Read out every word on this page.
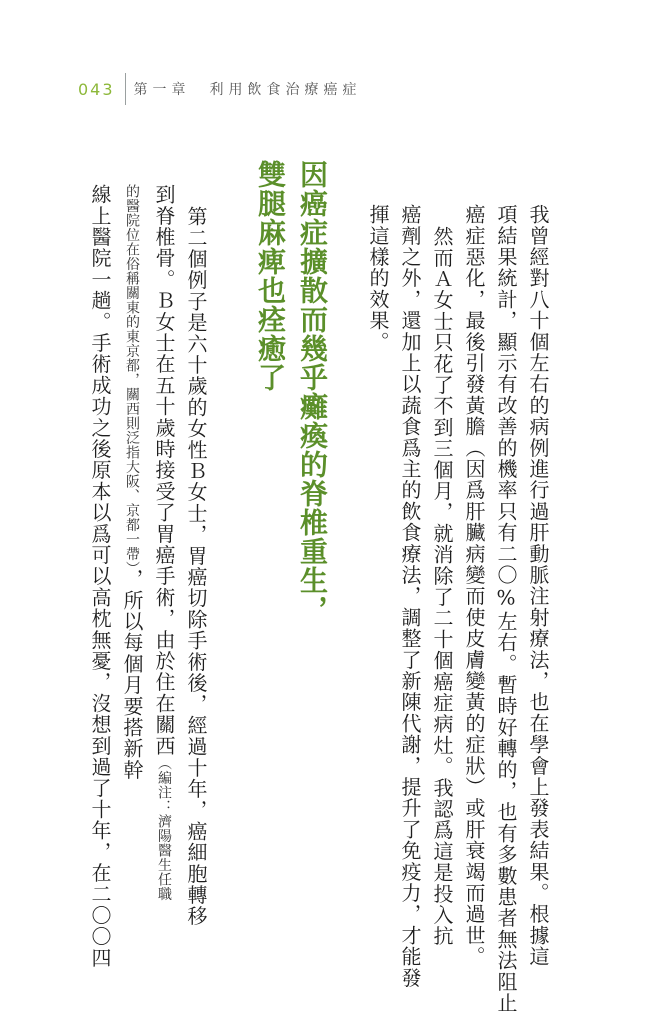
043 第一章　利用飲食治療癌症
我曾經對八十個左右的病例進行過肝動脈注射療法，也在學會上發表結果。根據這
項結果統計，顯示有改善的機率只有二〇%左右。暫時好轉的，也有多數患者無法阻止
癌症惡化，最後引發黃膽（因爲肝臟病變而使皮膚變黃的症狀）或肝衰竭而過世。
然而Ａ女士只花了不到三個月，就消除了二十個癌症病灶。我認爲這是投入抗
癌劑之外，還加上以蔬食爲主的飲食療法，調整了新陳代謝，提升了免疫力，才能發
揮這樣的效果。
因癌症擴散而幾乎癱瘓的脊椎重生，
雙腿麻痺也痊癒了
第二個例子是六十歲的女性Ｂ女士，胃癌切除手術後，經過十年，癌細胞轉移
到脊椎骨。Ｂ女士在五十歲時接受了胃癌手術，由於住在關西（編注：濟陽醫生任職
的醫院位在俗稱關東的東京都，關西則泛指大阪、京都一帶），所以每個月要搭新幹
線上醫院一趟。手術成功之後原本以爲可以高枕無憂，沒想到過了十年，在二〇〇四
